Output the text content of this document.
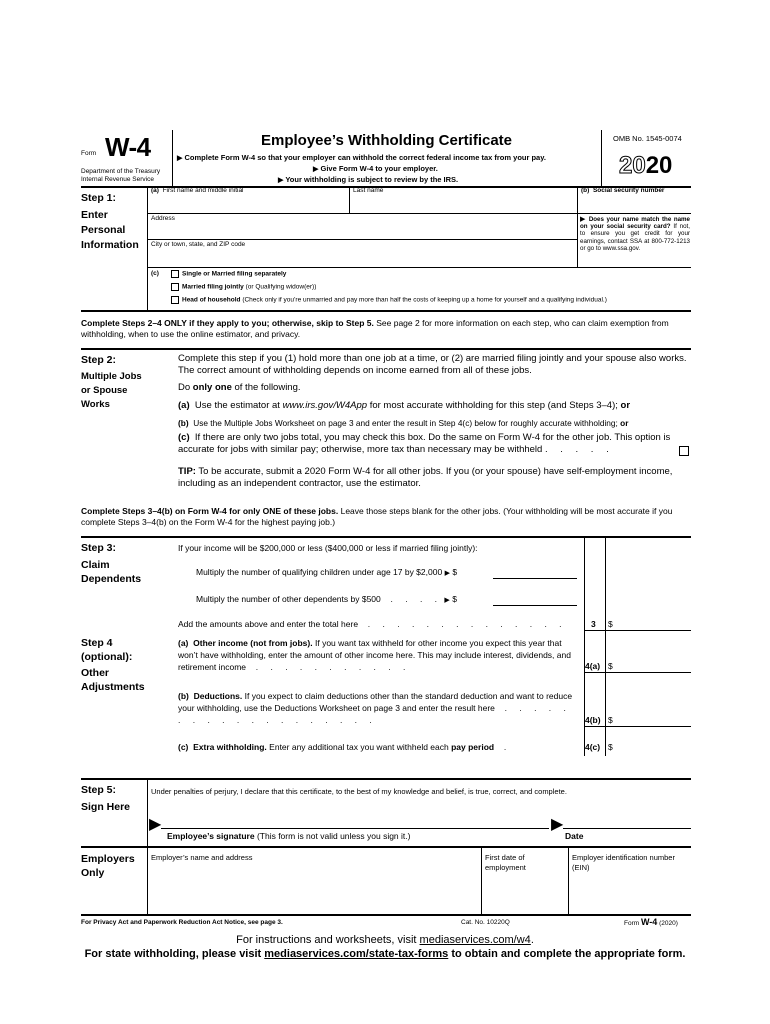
Form W-4
Department of the Treasury
Internal Revenue Service
Employee’s Withholding Certificate
▶ Complete Form W-4 so that your employer can withhold the correct federal income tax from your pay.
▶ Give Form W-4 to your employer.
▶ Your withholding is subject to review by the IRS.
OMB No. 1545-0074
2020
Step 1:
Enter Personal Information
(a) First name and middle initial	Last name	(b) Social security number
Address	▶ Does your name match the name on your social security card? If not, to ensure you get credit for your earnings, contact SSA at 800-772-1213 or go to www.ssa.gov.
City or town, state, and ZIP code
(c)	Single or Married filing separately
Married filing jointly (or Qualifying widow(er))
Head of household (Check only if you’re unmarried and pay more than half the costs of keeping up a home for yourself and a qualifying individual.)
Complete Steps 2–4 ONLY if they apply to you; otherwise, skip to Step 5. See page 2 for more information on each step, who can claim exemption from withholding, when to use the online estimator, and privacy.
Step 2:
Multiple Jobs or Spouse Works
Complete this step if you (1) hold more than one job at a time, or (2) are married filing jointly and your spouse also works. The correct amount of withholding depends on income earned from all of these jobs.
Do only one of the following.
(a) Use the estimator at www.irs.gov/W4App for most accurate withholding for this step (and Steps 3–4); or
(b) Use the Multiple Jobs Worksheet on page 3 and enter the result in Step 4(c) below for roughly accurate withholding; or
(c) If there are only two jobs total, you may check this box. Do the same on Form W-4 for the other job. This option is accurate for jobs with similar pay; otherwise, more tax than necessary may be withheld . . . . .
TIP: To be accurate, submit a 2020 Form W-4 for all other jobs. If you (or your spouse) have self-employment income, including as an independent contractor, use the estimator.
Complete Steps 3–4(b) on Form W-4 for only ONE of these jobs. Leave those steps blank for the other jobs. (Your withholding will be most accurate if you complete Steps 3–4(b) on the Form W-4 for the highest paying job.)
Step 3:
Claim Dependents
If your income will be $200,000 or less ($400,000 or less if married filing jointly):
Multiply the number of qualifying children under age 17 by $2,000 ▶ $
Multiply the number of other dependents by $500  . . . . ▶ $
Add the amounts above and enter the total here  . . . . . . . . . . . . . .	3 $
Step 4 (optional):
Other Adjustments
(a) Other income (not from jobs). If you want tax withheld for other income you expect this year that won’t have withholding, enter the amount of other income here. This may include interest, dividends, and retirement income  . . . . . . . . . . .	4(a) $
(b) Deductions. If you expect to claim deductions other than the standard deduction and want to reduce your withholding, use the Deductions Worksheet on page 3 and enter the result here  . . . . . . . . . . . . . . . . . . .	4(b) $
(c) Extra withholding. Enter any additional tax you want withheld each pay period  .	4(c) $
Step 5:
Sign Here
Under penalties of perjury, I declare that this certificate, to the best of my knowledge and belief, is true, correct, and complete.
▶
Employee’s signature (This form is not valid unless you sign it.)
▶
Date
Employers Only
Employer’s name and address	First date of employment
Employer identification number (EIN)
For Privacy Act and Paperwork Reduction Act Notice, see page 3.	Cat. No. 10220Q	Form W-4 (2020)
For instructions and worksheets, visit mediaservices.com/w4.
For state withholding, please visit mediaservices.com/state-tax-forms to obtain and complete the appropriate form.
